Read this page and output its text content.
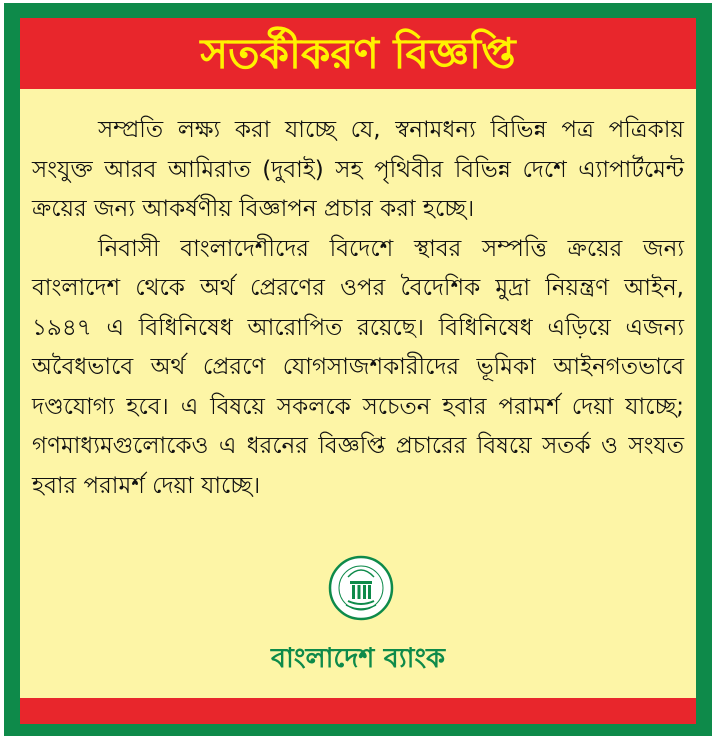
সতর্কীকরণ বিজ্ঞপ্তি

সম্প্রতি লক্ষ্য করা যাচ্ছে যে, স্বনামধন্য বিভিন্ন পত্র পত্রিকায় সংযুক্ত আরব আমিরাত (দুবাই) সহ পৃথিবীর বিভিন্ন দেশে এ্যাপার্টমেন্ট ক্রয়ের জন্য আকর্ষণীয় বিজ্ঞাপন প্রচার করা হচ্ছে।

নিবাসী বাংলাদেশীদের বিদেশে স্থাবর সম্পত্তি ক্রয়ের জন্য বাংলাদেশ থেকে অর্থ প্রেরণের ওপর বৈদেশিক মুদ্রা নিয়ন্ত্রণ আইন, ১৯৪৭ এ বিধিনিষেধ আরোপিত রয়েছে। বিধিনিষেধ এড়িয়ে এজন্য অবৈধভাবে অর্থ প্রেরণে যোগসাজশকারীদের ভূমিকা আইনগতভাবে দণ্ডযোগ্য হবে। এ বিষয়ে সকলকে সচেতন হবার পরামর্শ দেয়া যাচ্ছে; গণমাধ্যমগুলোকেও এ ধরনের বিজ্ঞপ্তি প্রচারের বিষয়ে সতর্ক ও সংযত হবার পরামর্শ দেয়া যাচ্ছে।

বাংলাদেশ ব্যাংক
